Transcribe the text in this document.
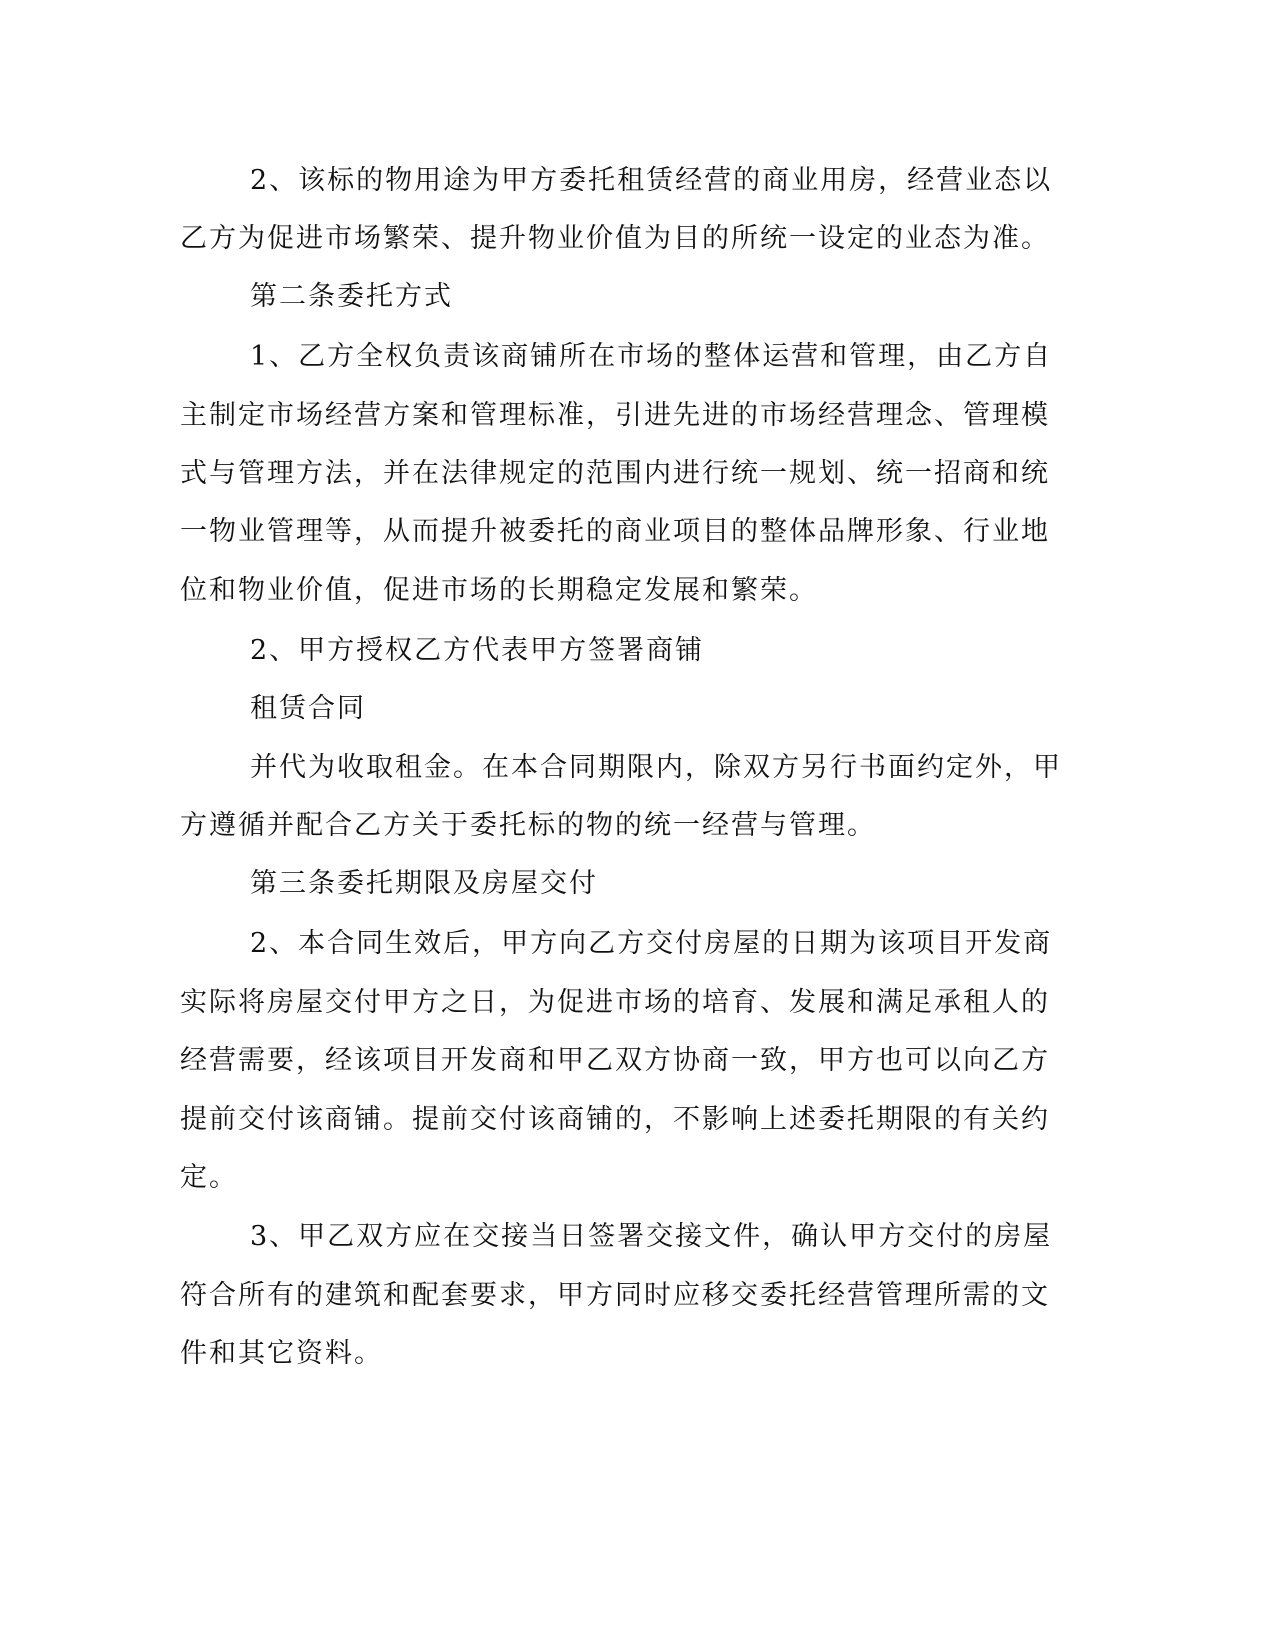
2、该标的物用途为甲方委托租赁经营的商业用房，经营业态以
乙方为促进市场繁荣、提升物业价值为目的所统一设定的业态为准。
第二条委托方式
1、乙方全权负责该商铺所在市场的整体运营和管理，由乙方自
主制定市场经营方案和管理标准，引进先进的市场经营理念、管理模
式与管理方法，并在法律规定的范围内进行统一规划、统一招商和统
一物业管理等，从而提升被委托的商业项目的整体品牌形象、行业地
位和物业价值，促进市场的长期稳定发展和繁荣。
2、甲方授权乙方代表甲方签署商铺
租赁合同
并代为收取租金。在本合同期限内，除双方另行书面约定外，甲
方遵循并配合乙方关于委托标的物的统一经营与管理。
第三条委托期限及房屋交付
2、本合同生效后，甲方向乙方交付房屋的日期为该项目开发商
实际将房屋交付甲方之日，为促进市场的培育、发展和满足承租人的
经营需要，经该项目开发商和甲乙双方协商一致，甲方也可以向乙方
提前交付该商铺。提前交付该商铺的，不影响上述委托期限的有关约
定。
3、甲乙双方应在交接当日签署交接文件，确认甲方交付的房屋
符合所有的建筑和配套要求，甲方同时应移交委托经营管理所需的文
件和其它资料。
